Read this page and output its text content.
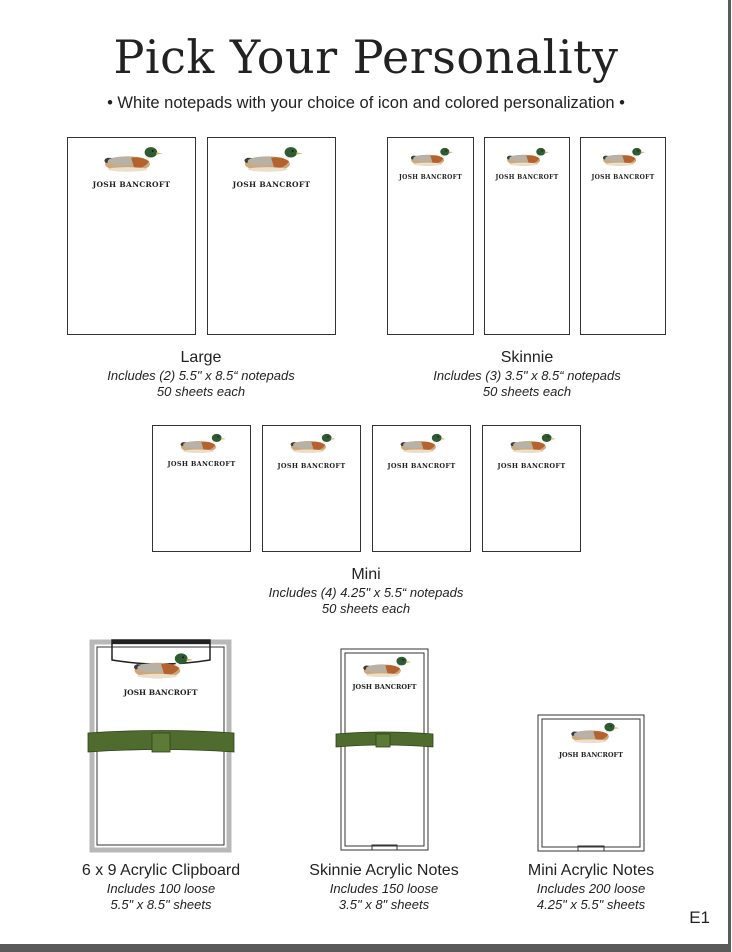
Pick Your Personality
• White notepads with your choice of icon and colored personalization •
JOSH BANCROFT	JOSH BANCROFT
JOSH BANCROFT	JOSH BANCROFT	JOSH BANCROFT
Large
Includes (2) 5.5" x 8.5“ notepads
50 sheets each
Skinnie
Includes (3) 3.5" x 8.5“ notepads
50 sheets each
JOSH BANCROFT	JOSH BANCROFT	JOSH BANCROFT	JOSH BANCROFT
Mini
Includes (4) 4.25" x 5.5“ notepads
50 sheets each
JOSH BANCROFT
JOSH BANCROFT
JOSH BANCROFT
6 x 9 Acrylic Clipboard
Includes 100 loose
5.5" x 8.5" sheets
Skinnie Acrylic Notes
Includes 150 loose
3.5" x 8" sheets
Mini Acrylic Notes
Includes 200 loose
4.25" x 5.5" sheets
E1
